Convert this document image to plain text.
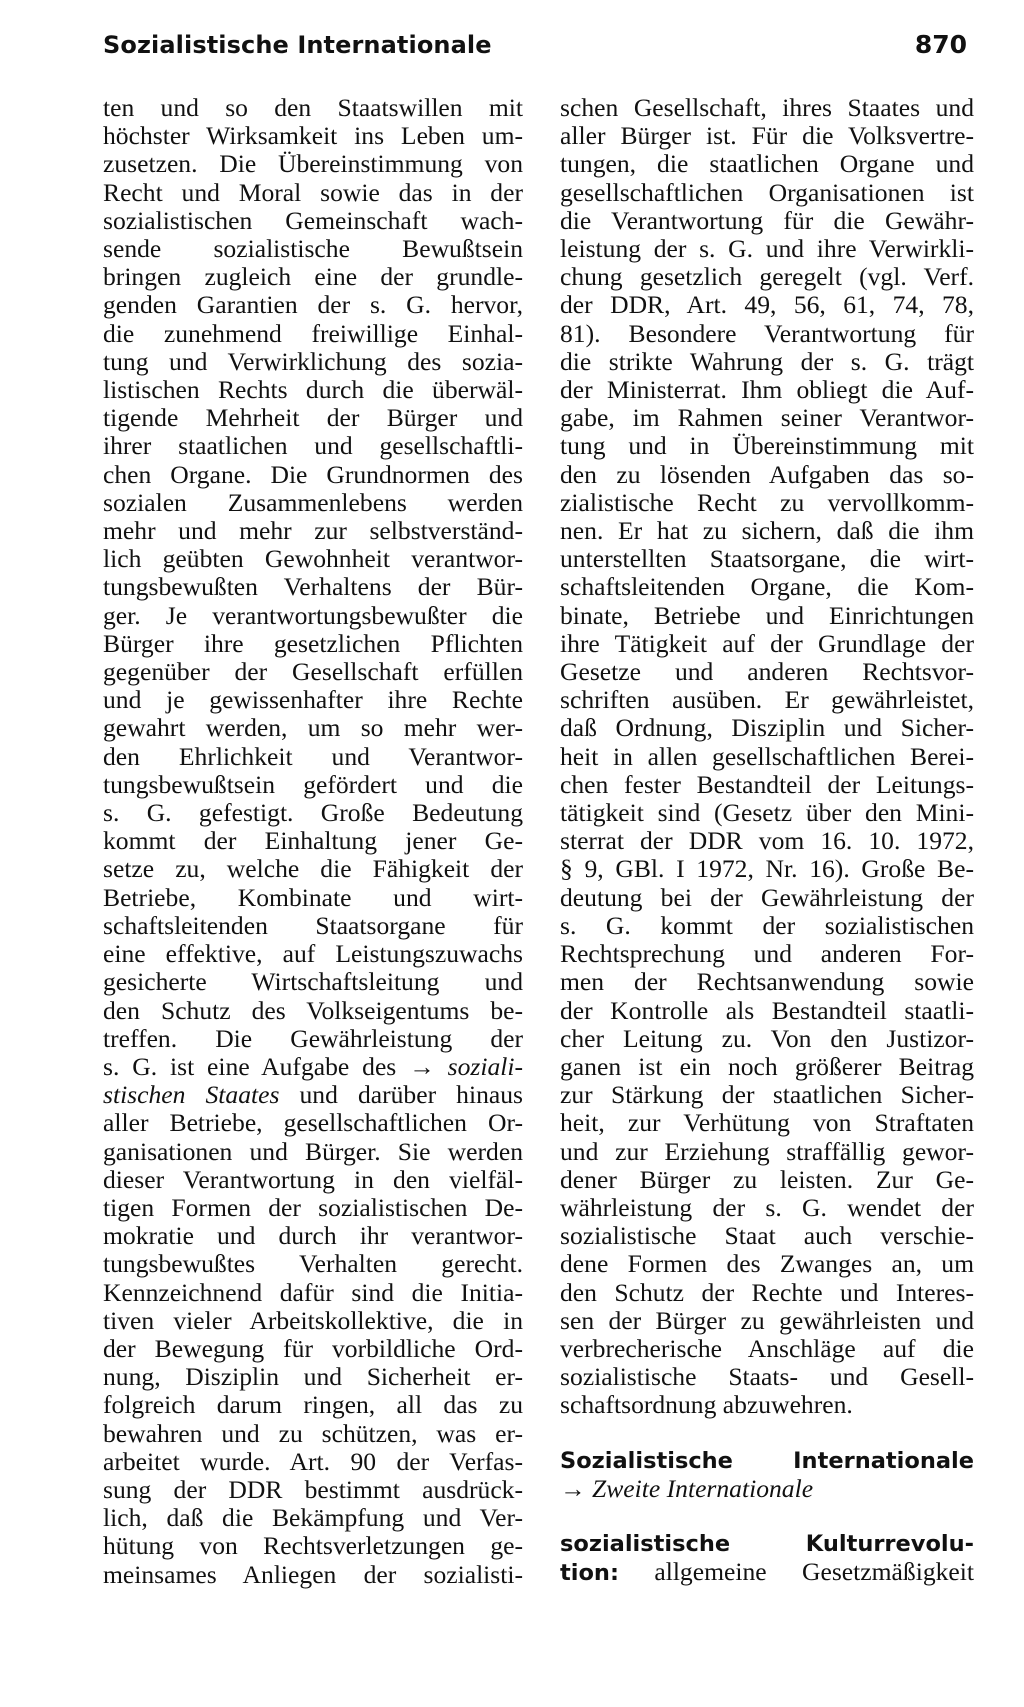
Sozialistische Internationale	870
ten und so den Staatswillen mit
höchster Wirksamkeit ins Leben um-
zusetzen. Die Übereinstimmung von
Recht und Moral sowie das in der
sozialistischen Gemeinschaft wach-
sende sozialistische Bewußtsein
bringen zugleich eine der grundle-
genden Garantien der s. G. hervor,
die zunehmend freiwillige Einhal-
tung und Verwirklichung des sozia-
listischen Rechts durch die überwäl-
tigende Mehrheit der Bürger und
ihrer staatlichen und gesellschaftli-
chen Organe. Die Grundnormen des
sozialen Zusammenlebens werden
mehr und mehr zur selbstverständ-
lich geübten Gewohnheit verantwor-
tungsbewußten Verhaltens der Bür-
ger. Je verantwortungsbewußter die
Bürger ihre gesetzlichen Pflichten
gegenüber der Gesellschaft erfüllen
und je gewissenhafter ihre Rechte
gewahrt werden, um so mehr wer-
den Ehrlichkeit und Verantwor-
tungsbewußtsein gefördert und die
s. G. gefestigt. Große Bedeutung
kommt der Einhaltung jener Ge-
setze zu, welche die Fähigkeit der
Betriebe, Kombinate und wirt-
schaftsleitenden Staatsorgane für
eine effektive, auf Leistungszuwachs
gesicherte Wirtschaftsleitung und
den Schutz des Volkseigentums be-
treffen. Die Gewährleistung der
s. G. ist eine Aufgabe des → soziali-
stischen Staates und darüber hinaus
aller Betriebe, gesellschaftlichen Or-
ganisationen und Bürger. Sie werden
dieser Verantwortung in den vielfäl-
tigen Formen der sozialistischen De-
mokratie und durch ihr verantwor-
tungsbewußtes Verhalten gerecht.
Kennzeichnend dafür sind die Initia-
tiven vieler Arbeitskollektive, die in
der Bewegung für vorbildliche Ord-
nung, Disziplin und Sicherheit er-
folgreich darum ringen, all das zu
bewahren und zu schützen, was er-
arbeitet wurde. Art. 90 der Verfas-
sung der DDR bestimmt ausdrück-
lich, daß die Bekämpfung und Ver-
hütung von Rechtsverletzungen ge-
meinsames Anliegen der sozialisti-
schen Gesellschaft, ihres Staates und
aller Bürger ist. Für die Volksvertre-
tungen, die staatlichen Organe und
gesellschaftlichen Organisationen ist
die Verantwortung für die Gewähr-
leistung der s. G. und ihre Verwirkli-
chung gesetzlich geregelt (vgl. Verf.
der DDR, Art. 49, 56, 61, 74, 78,
81). Besondere Verantwortung für
die strikte Wahrung der s. G. trägt
der Ministerrat. Ihm obliegt die Auf-
gabe, im Rahmen seiner Verantwor-
tung und in Übereinstimmung mit
den zu lösenden Aufgaben das so-
zialistische Recht zu vervollkomm-
nen. Er hat zu sichern, daß die ihm
unterstellten Staatsorgane, die wirt-
schaftsleitenden Organe, die Kom-
binate, Betriebe und Einrichtungen
ihre Tätigkeit auf der Grundlage der
Gesetze und anderen Rechtsvor-
schriften ausüben. Er gewährleistet,
daß Ordnung, Disziplin und Sicher-
heit in allen gesellschaftlichen Berei-
chen fester Bestandteil der Leitungs-
tätigkeit sind (Gesetz über den Mini-
sterrat der DDR vom 16. 10. 1972,
§ 9, GBl. I 1972, Nr. 16). Große Be-
deutung bei der Gewährleistung der
s. G. kommt der sozialistischen
Rechtsprechung und anderen For-
men der Rechtsanwendung sowie
der Kontrolle als Bestandteil staatli-
cher Leitung zu. Von den Justizor-
ganen ist ein noch größerer Beitrag
zur Stärkung der staatlichen Sicher-
heit, zur Verhütung von Straftaten
und zur Erziehung straffällig gewor-
dener Bürger zu leisten. Zur Ge-
währleistung der s. G. wendet der
sozialistische Staat auch verschie-
dene Formen des Zwanges an, um
den Schutz der Rechte und Interes-
sen der Bürger zu gewährleisten und
verbrecherische Anschläge auf die
sozialistische Staats- und Gesell-
schaftsordnung abzuwehren.
Sozialistische Internationale
→ Zweite Internationale
sozialistische Kulturrevolu-
tion: allgemeine Gesetzmäßigkeit
